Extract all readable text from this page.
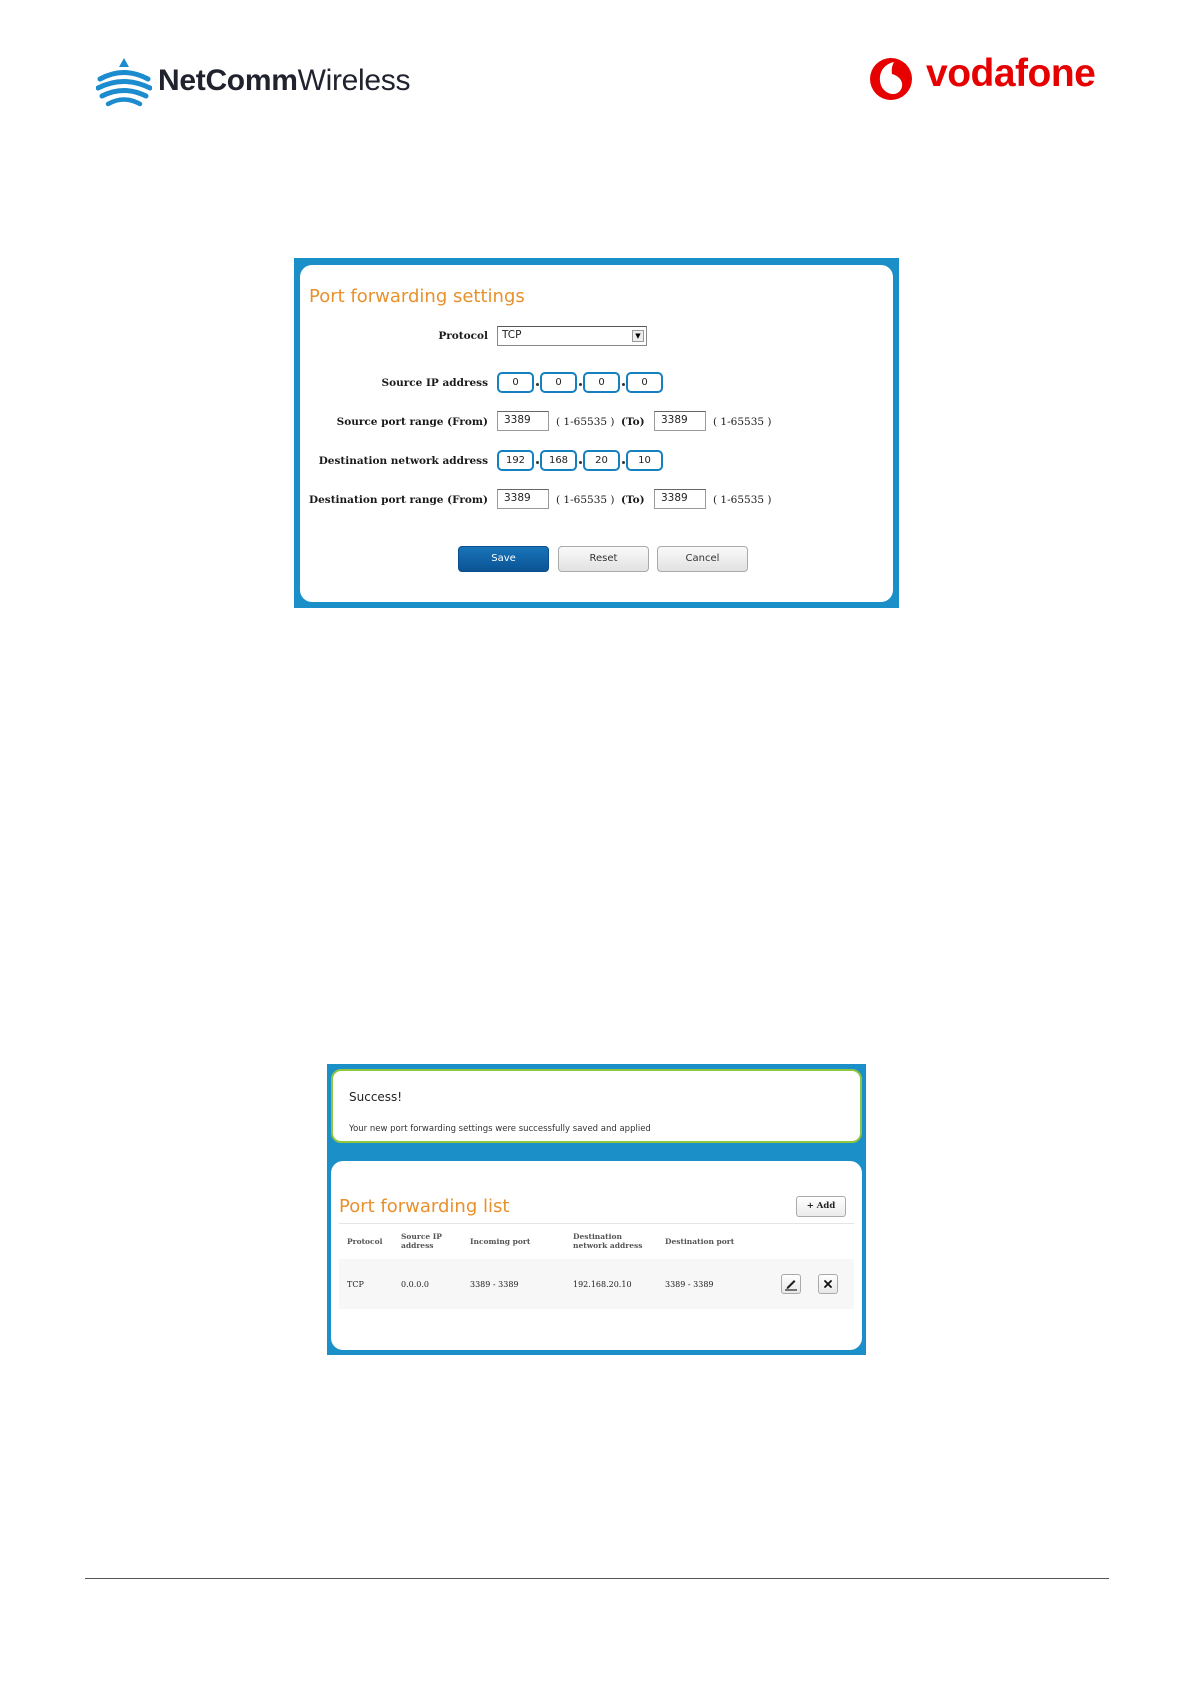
NetCommWireless	vodafone
Port forwarding settings
Protocol	TCP	▼
Source IP address	0	0	0	0
Source port range (From)	3389	( 1-65535 ) (To)	3389	( 1-65535 )
Destination network address	192	168	20	10
Destination port range (From)	3389	( 1-65535 ) (To)	3389	( 1-65535 )
Save	Reset	Cancel
Success!
Your new port forwarding settings were successfully saved and applied
Port forwarding list	+ Add
Protocol	Source IP address	Incoming port	Destination network address	Destination port
TCP	0.0.0.0	3389 - 3389	192.168.20.10	3389 - 3389
